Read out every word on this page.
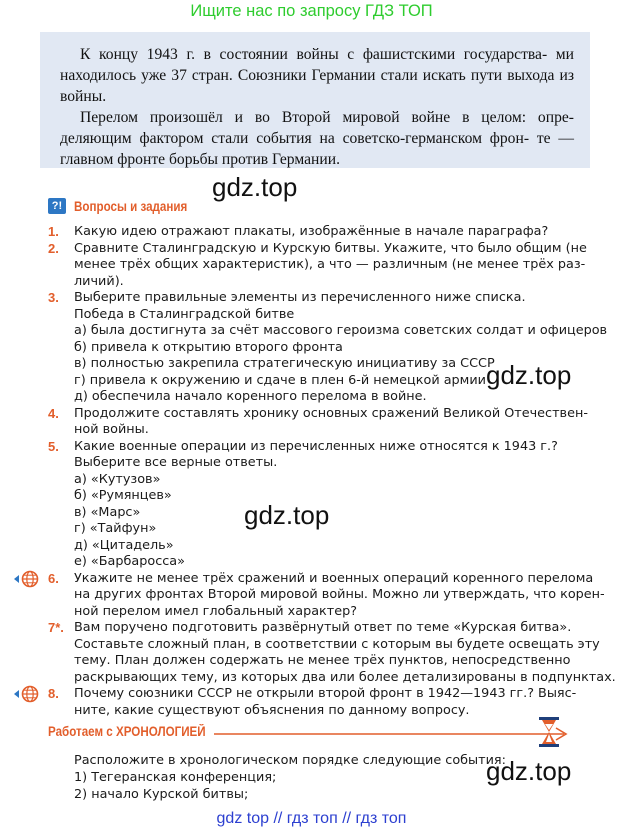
Ищите нас по запросу ГДЗ ТОП

К концу 1943 г. в состоянии войны с фашистскими государства- ми находилось уже 37 стран. Союзники Германии стали искать пути выхода из войны.

Перелом произошёл и во Второй мировой войне в целом: опре- деляющим фактором стали события на советско-германском фрон- те — главном фронте борьбы против Германии.

gdz.top
gdz.top
gdz.top
gdz.top
?! Вопросы и задания
1. Какую идею отражают плакаты, изображённые в начале параграфа?
2. Сравните Сталинградскую и Курскую битвы. Укажите, что было общим (не
менее трёх общих характеристик), а что — различным (не менее трёх раз-
личий).
3. Выберите правильные элементы из перечисленного ниже списка.
Победа в Сталинградской битве
а) была достигнута за счёт массового героизма советских солдат и офицеров
б) привела к открытию второго фронта
в) полностью закрепила стратегическую инициативу за СССР
г) привела к окружению и сдаче в плен 6-й немецкой армии
д) обеспечила начало коренного перелома в войне.
4. Продолжите составлять хронику основных сражений Великой Отечествен-
ной войны.
5. Какие военные операции из перечисленных ниже относятся к 1943 г.?
Выберите все верные ответы.
а) «Кутузов»
б) «Румянцев»
в) «Марс»
г) «Тайфун»
д) «Цитадель»
е) «Барбаросса»
6. Укажите не менее трёх сражений и военных операций коренного перелома
на других фронтах Второй мировой войны. Можно ли утверждать, что корен-
ной перелом имел глобальный характер?
7*. Вам поручено подготовить развёрнутый ответ по теме «Курская битва».
Составьте сложный план, в соответствии с которым вы будете освещать эту
тему. План должен содержать не менее трёх пунктов, непосредственно
раскрывающих тему, из которых два или более детализированы в подпунктах.
8. Почему союзники СССР не открыли второй фронт в 1942—1943 гг.? Выяс-
ните, какие существуют объяснения по данному вопросу.
Работаем с ХРОНОЛОГИЕЙ
Расположите в хронологическом порядке следующие события:
1) Тегеранская конференция;
2) начало Курской битвы;
gdz top // гдз топ // гдз топ
